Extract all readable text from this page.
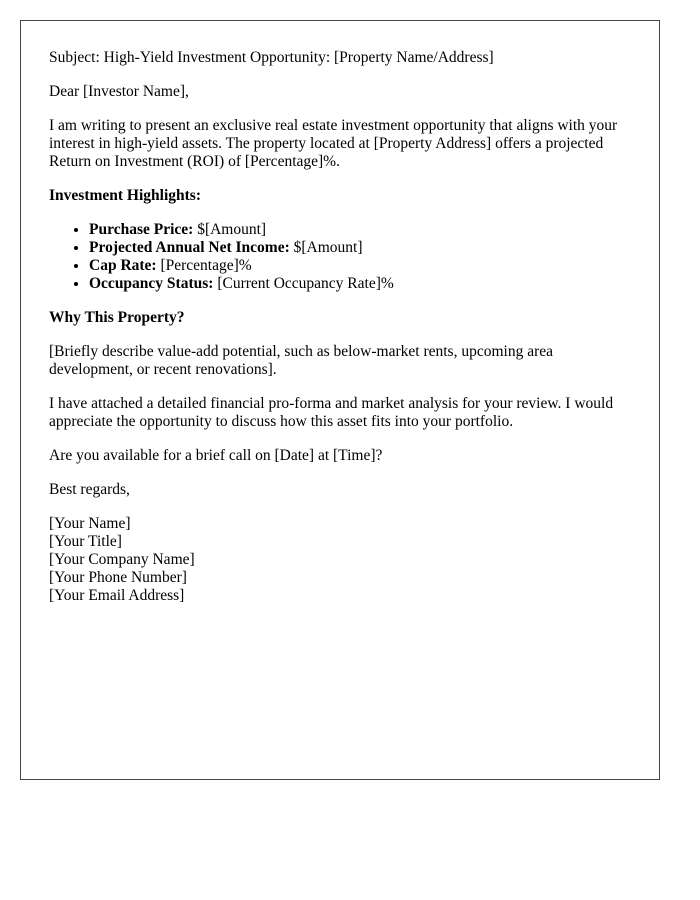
Subject: High-Yield Investment Opportunity: [Property Name/Address]

Dear [Investor Name],

I am writing to present an exclusive real estate investment opportunity that aligns with your interest in high-yield assets. The property located at [Property Address] offers a projected Return on Investment (ROI) of [Percentage]%.

Investment Highlights:
• Purchase Price: $[Amount]
• Projected Annual Net Income: $[Amount]
• Cap Rate: [Percentage]%
• Occupancy Status: [Current Occupancy Rate]%
Why This Property?

[Briefly describe value-add potential, such as below-market rents, upcoming area development, or recent renovations].

I have attached a detailed financial pro-forma and market analysis for your review. I would appreciate the opportunity to discuss how this asset fits into your portfolio.

Are you available for a brief call on [Date] at [Time]?

Best regards,

[Your Name]

[Your Title]

[Your Company Name]

[Your Phone Number]

[Your Email Address]
